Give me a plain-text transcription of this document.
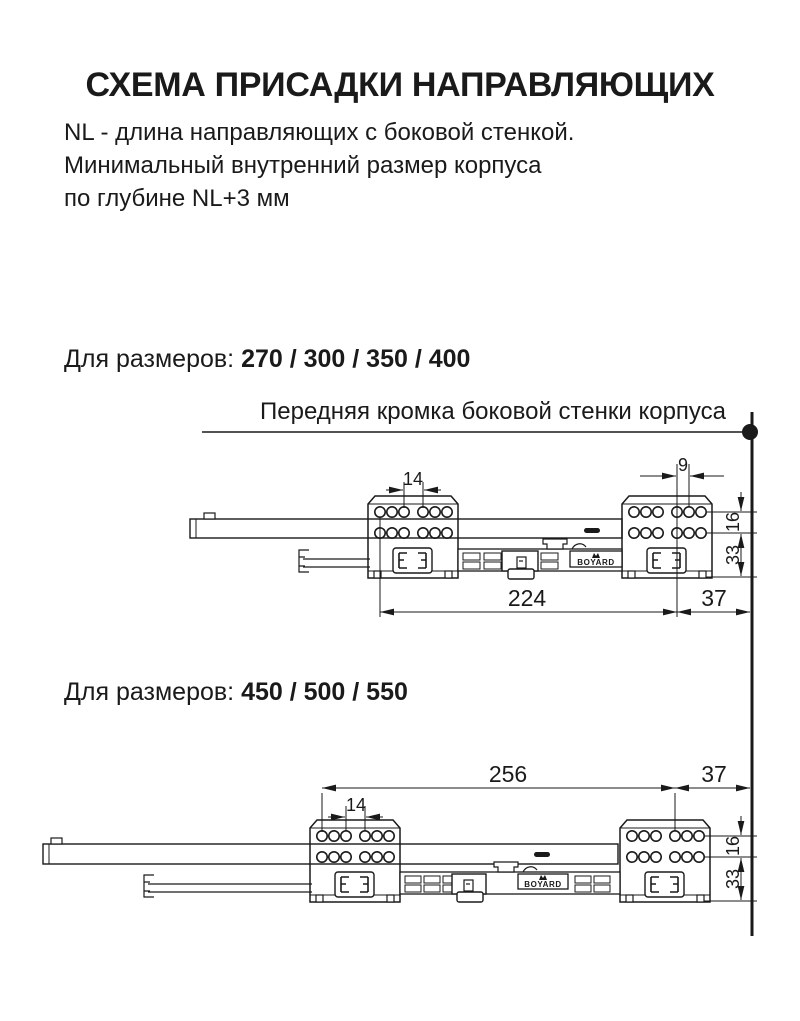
СХЕМА ПРИСАДКИ НАПРАВЛЯЮЩИХ
NL - длина направляющих с боковой стенкой.
Минимальный внутренний размер корпуса
по глубине NL+3 мм
Для размеров: 270 / 300 / 350 / 400
Передняя кромка боковой стенки корпуса
Для размеров: 450 / 500 / 550
BOYARD
14
9
224	37
16
33
BOYARD
14
256	37
16
33
